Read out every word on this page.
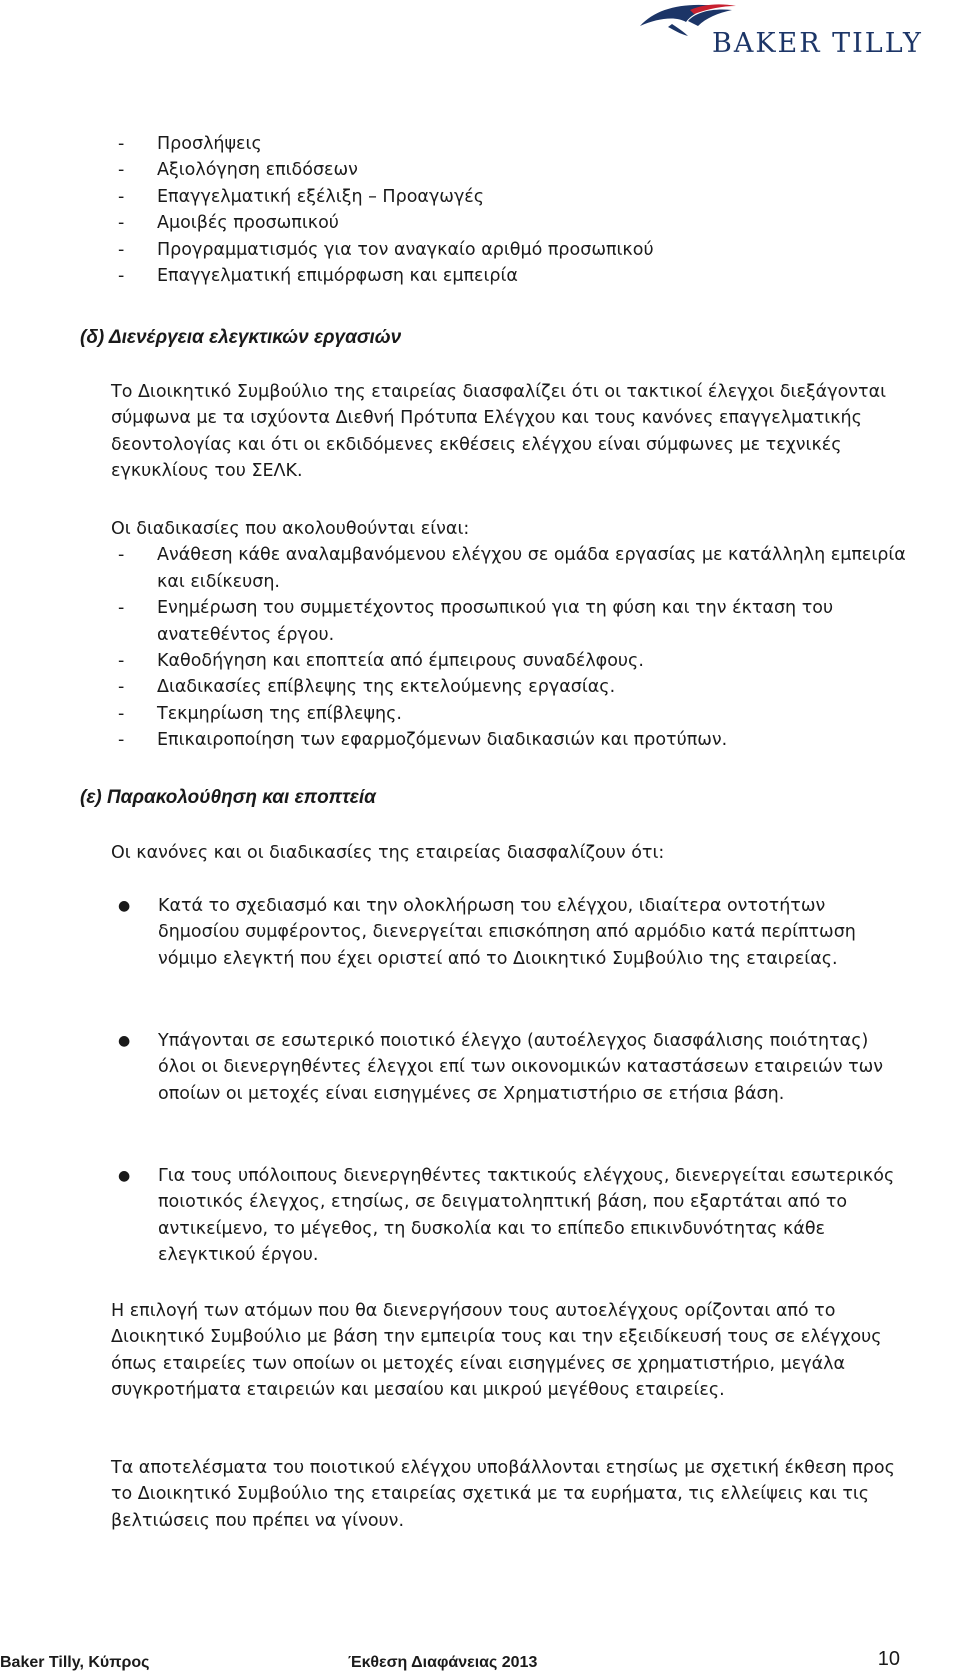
BAKER TILLY
- Προσλήψεις
- Αξιολόγηση επιδόσεων
- Επαγγελματική εξέλιξη – Προαγωγές
- Αμοιβές προσωπικού
- Προγραμματισμός για τον αναγκαίο αριθμό προσωπικού
- Επαγγελματική επιμόρφωση και εμπειρία
(δ) Διενέργεια ελεγκτικών εργασιών

Το Διοικητικό Συμβούλιο της εταιρείας διασφαλίζει ότι οι τακτικοί έλεγχοι διεξάγονται σύμφωνα με τα ισχύοντα Διεθνή Πρότυπα Ελέγχου και τους κανόνες επαγγελματικής δεοντολογίας και ότι οι εκδιδόμενες εκθέσεις ελέγχου είναι σύμφωνες με τεχνικές εγκυκλίους του ΣΕΛΚ.

Οι διαδικασίες που ακολουθούνται είναι:
- Ανάθεση κάθε αναλαμβανόμενου ελέγχου σε ομάδα εργασίας με κατάλληλη εμπειρία και ειδίκευση.
- Ενημέρωση του συμμετέχοντος προσωπικού για τη φύση και την έκταση του ανατεθέντος έργου.
- Καθοδήγηση και εποπτεία από έμπειρους συναδέλφους.
- Διαδικασίες επίβλεψης της εκτελούμενης εργασίας.
- Τεκμηρίωση της επίβλεψης.
- Επικαιροποίηση των εφαρμοζόμενων διαδικασιών και προτύπων.
(ε) Παρακολούθηση και εποπτεία

Οι κανόνες και οι διαδικασίες της εταιρείας διασφαλίζουν ότι:

● Κατά το σχεδιασμό και την ολοκλήρωση του ελέγχου, ιδιαίτερα οντοτήτων δημοσίου συμφέροντος, διενεργείται επισκόπηση από αρμόδιο κατά περίπτωση νόμιμο ελεγκτή που έχει οριστεί από το Διοικητικό Συμβούλιο της εταιρείας.
● Υπάγονται σε εσωτερικό ποιοτικό έλεγχο (αυτοέλεγχος διασφάλισης ποιότητας) όλοι οι διενεργηθέντες έλεγχοι επί των οικονομικών καταστάσεων εταιρειών των οποίων οι μετοχές είναι εισηγμένες σε Χρηματιστήριο σε ετήσια βάση.
● Για τους υπόλοιπους διενεργηθέντες τακτικούς ελέγχους, διενεργείται εσωτερικός ποιοτικός έλεγχος, ετησίως, σε δειγματοληπτική βάση, που εξαρτάται από το αντικείμενο, το μέγεθος, τη δυσκολία και το επίπεδο επικινδυνότητας κάθε ελεγκτικού έργου.

Η επιλογή των ατόμων που θα διενεργήσουν τους αυτοελέγχους ορίζονται από το Διοικητικό Συμβούλιο με βάση την εμπειρία τους και την εξειδίκευσή τους σε ελέγχους όπως εταιρείες των οποίων οι μετοχές είναι εισηγμένες σε χρηματιστήριο, μεγάλα συγκροτήματα εταιρειών και μεσαίου και μικρού μεγέθους εταιρείες.

Τα αποτελέσματα του ποιοτικού ελέγχου υποβάλλονται ετησίως με σχετική έκθεση προς το Διοικητικό Συμβούλιο της εταιρείας σχετικά με τα ευρήματα, τις ελλείψεις και τις βελτιώσεις που πρέπει να γίνουν.

Baker Tilly, Κύπρος	Έκθεση Διαφάνειας 2013	10
